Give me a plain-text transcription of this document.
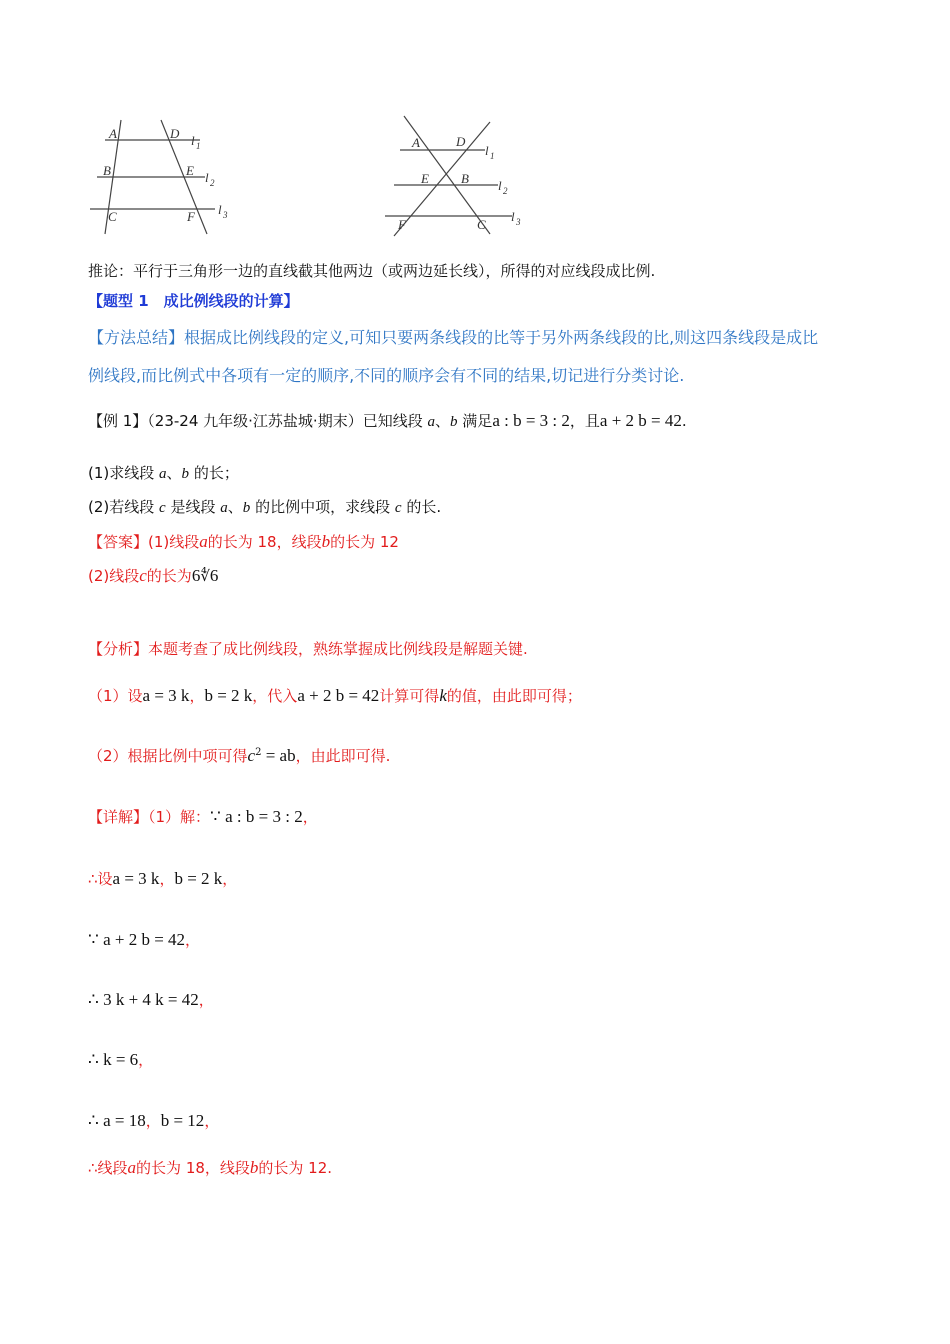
A	D
B	E
C	F
l 1
l 2
l 3
A	D
E B
F	C
l 1
l 2
l 3
推论：平行于三角形一边的直线截其他两边（或两边延长线），所得的对应线段成比例.
【题型 1　成比例线段的计算】
【方法总结】根据成比例线段的定义,可知只要两条线段的比等于另外两条线段的比,则这四条线段是成比
例线段,而比例式中各项有一定的顺序,不同的顺序会有不同的结果,切记进行分类讨论.
【例 1】（23-24 九年级·江苏盐城·期末）已知线段 a、b 满足a : b = 3 : 2，且a + 2 b = 42.
(1)求线段 a、b 的长；
(2)若线段 c 是线段 a、b 的比例中项，求线段 c 的长.
【答案】(1)线段a的长为 18，线段b的长为 12
(2)线段c的长为6∜6
【分析】本题考查了成比例线段，熟练掌握成比例线段是解题关键.
（1）设a = 3 k，b = 2 k，代入a + 2 b = 42计算可得k的值，由此即可得；
（2）根据比例中项可得$c^2$ = ab，由此即可得.
【详解】（1）解：∵ a : b = 3 : 2，
∴设a = 3 k，b = 2 k，
∵ a + 2 b = 42，
∴ 3 k + 4 k = 42，
∴ k = 6，
∴ a = 18，b = 12，
∴线段a的长为 18，线段b的长为 12.
